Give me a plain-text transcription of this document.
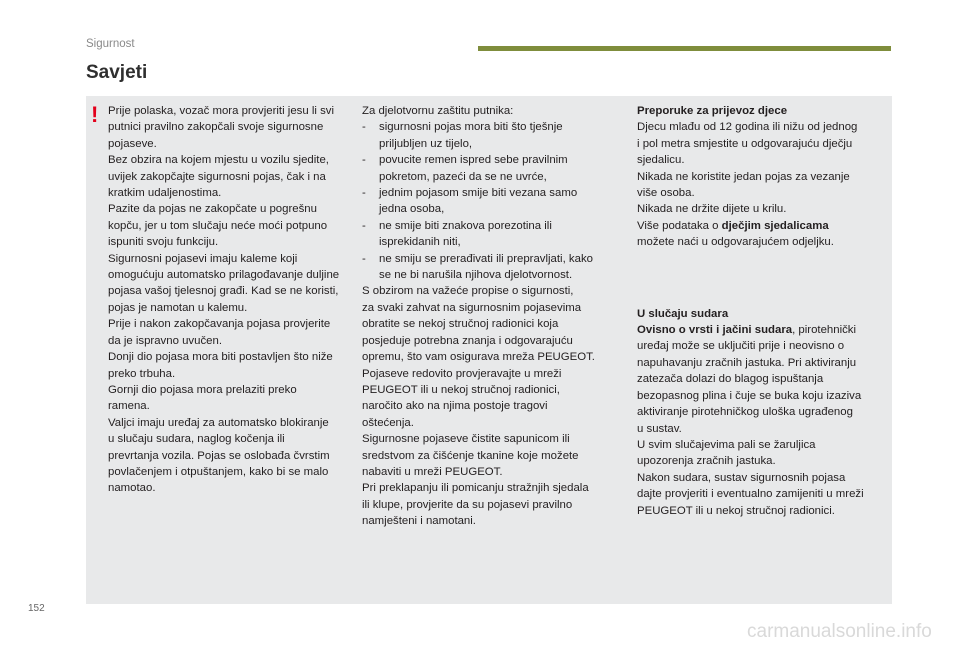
Sigurnost
Savjeti
! Prije polaska, vozač mora provjeriti jesu li svi

putnici pravilno zakopčali svoje sigurnosne

pojaseve.

Bez obzira na kojem mjestu u vozilu sjedite,

uvijek zakopčajte sigurnosni pojas, čak i na

kratkim udaljenostima.

Pazite da pojas ne zakopčate u pogrešnu

kopču, jer u tom slučaju neće moći potpuno

ispuniti svoju funkciju.

Sigurnosni pojasevi imaju kaleme koji

omogućuju automatsko prilagođavanje duljine

pojasa vašoj tjelesnoj građi. Kad se ne koristi,

pojas je namotan u kalemu.

Prije i nakon zakopčavanja pojasa provjerite

da je ispravno uvučen.

Donji dio pojasa mora biti postavljen što niže

preko trbuha.

Gornji dio pojasa mora prelaziti preko

ramena.

Valjci imaju uređaj za automatsko blokiranje

u slučaju sudara, naglog kočenja ili

prevrtanja vozila. Pojas se oslobađa čvrstim

povlačenjem i otpuštanjem, kako bi se malo

namotao.

Za djelotvornu zaštitu putnika:

- sigurnosni pojas mora biti što tješnje

priljubljen uz tijelo,

- povucite remen ispred sebe pravilnim

pokretom, pazeći da se ne uvrće,

- jednim pojasom smije biti vezana samo

jedna osoba,

- ne smije biti znakova porezotina ili

isprekidanih niti,

- ne smiju se prerađivati ili prepravljati, kako

se ne bi narušila njihova djelotvornost.

S obzirom na važeće propise o sigurnosti,

za svaki zahvat na sigurnosnim pojasevima

obratite se nekoj stručnoj radionici koja

posjeduje potrebna znanja i odgovarajuću

opremu, što vam osigurava mreža PEUGEOT.

Pojaseve redovito provjeravajte u mreži

PEUGEOT ili u nekoj stručnoj radionici,

naročito ako na njima postoje tragovi

oštećenja.

Sigurnosne pojaseve čistite sapunicom ili

sredstvom za čišćenje tkanine koje možete

nabaviti u mreži PEUGEOT.

Pri preklapanju ili pomicanju stražnjih sjedala

ili klupe, provjerite da su pojasevi pravilno

namješteni i namotani.

Preporuke za prijevoz djece

Djecu mlađu od 12 godina ili nižu od jednog

i pol metra smjestite u odgovarajuću dječju

sjedalicu.

Nikada ne koristite jedan pojas za vezanje

više osoba.

Nikada ne držite dijete u krilu.

Više podataka o dječjim sjedalicama

možete naći u odgovarajućem odjeljku.

U slučaju sudara

Ovisno o vrsti i jačini sudara, pirotehnički

uređaj može se uključiti prije i neovisno o

napuhavanju zračnih jastuka. Pri aktiviranju

zatezača dolazi do blagog ispuštanja

bezopasnog plina i čuje se buka koju izaziva

aktiviranje pirotehničkog uloška ugrađenog

u sustav.

U svim slučajevima pali se žaruljica

upozorenja zračnih jastuka.

Nakon sudara, sustav sigurnosnih pojasa

dajte provjeriti i eventualno zamijeniti u mreži

PEUGEOT ili u nekoj stručnoj radionici.

152
carmanualsonline.info
